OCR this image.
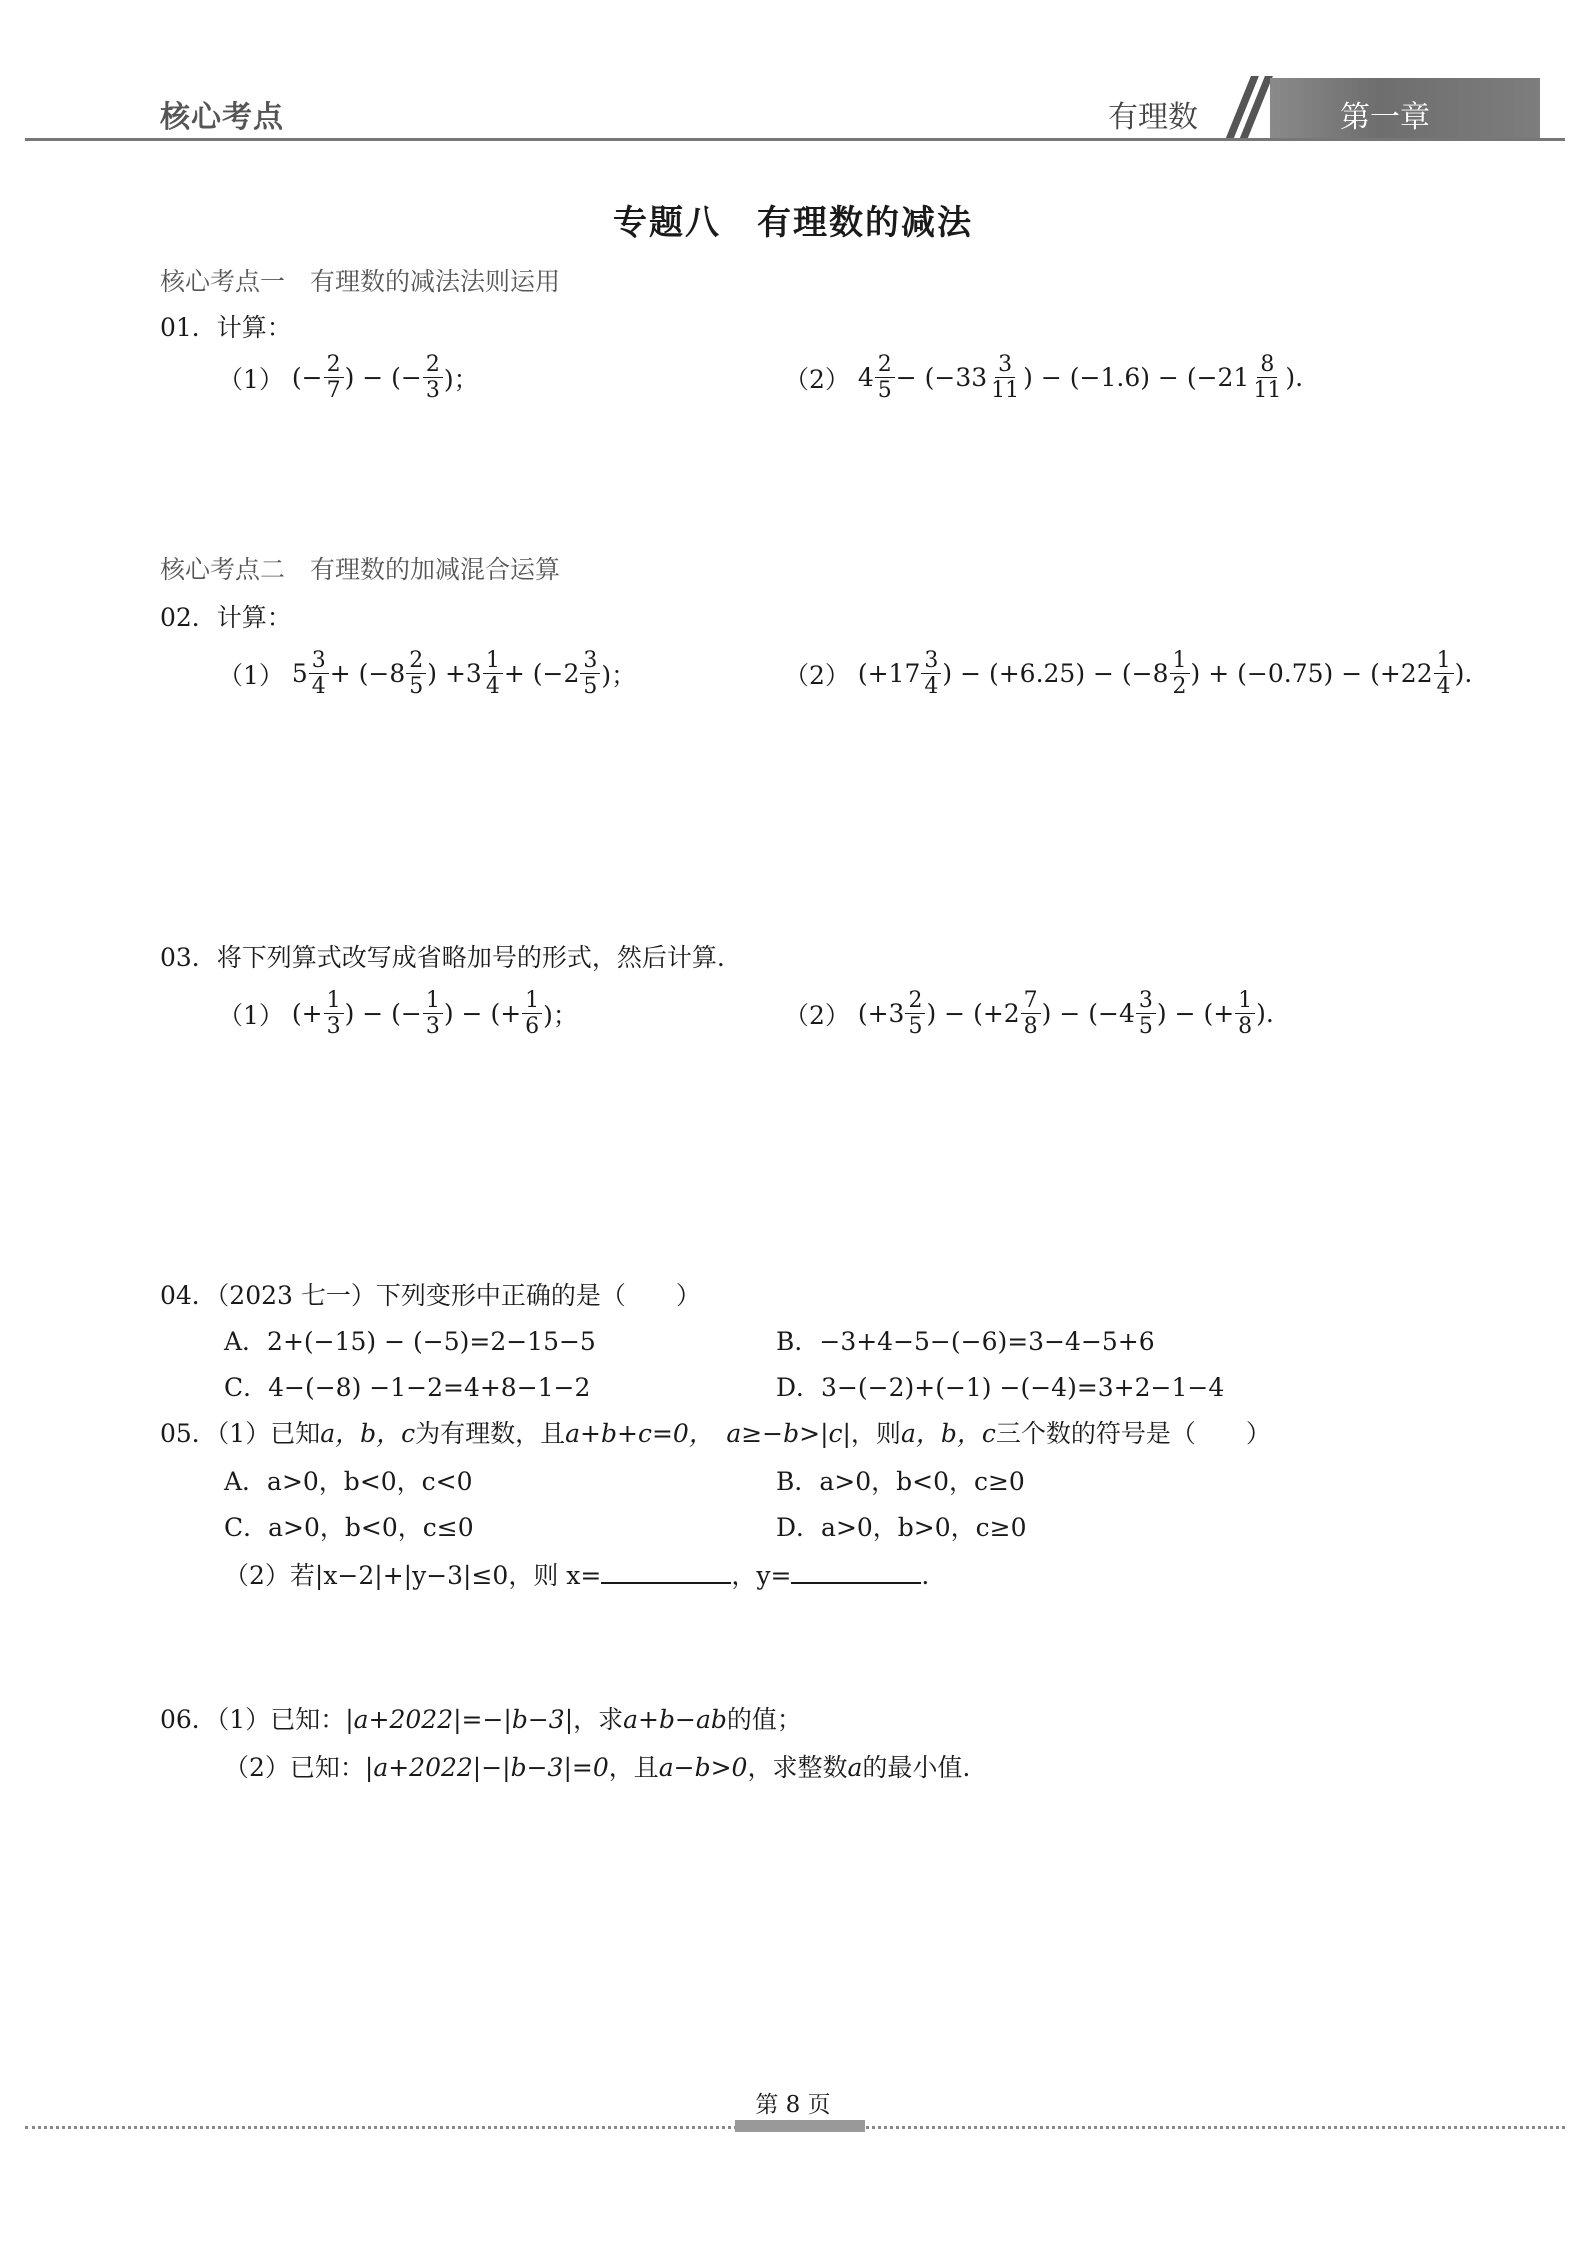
核心考点	有理数	第一章
专题八　有理数的减法
核心考点一　有理数的减法法则运用
01．计算：
（1）
(− $\frac{2}{7}$ ) − (− $\frac{2}{3}$ )；	（2）
4 2
5 − (−33 3
11 ) − (−1.6) − (−21 8
11 ).
核心考点二　有理数的加减混合运算
02．计算：
（1）
5 3
4 + (−8 2
5 ) +3 1
4 + (−2 3
5 )；	（2）
(+17 3
4 ) − (+6.25) − (−8 1
2 ) + (−0.75) − (+22 1
4 ).
03．将下列算式改写成省略加号的形式，然后计算.
（1）
(+ $\frac{1}{3}$ ) − (− $\frac{1}{3}$ ) − (+ $\frac{1}{6}$ )；	（2）
(+3 2
5 ) − (+2 7
8 ) − (−4 3
5 ) − (+ $\frac{1}{8}$ ).
04．（2023 七一）下列变形中正确的是（　　）
A．2+(−15) − (−5)=2−15−5	B．−3+4−5−(−6)=3−4−5+6
C．4−(−8) −1−2=4+8−1−2	D．3−(−2)+(−1) −(−4)=3+2−1−4
05．（1）已知a，b，c为有理数，且a+b+c=0，　a≥−b>|c|，则a，b，c三个数的符号是（　　）
A．a>0，b<0，c<0	B．a>0，b<0，c≥0
C．a>0，b<0，c≤0	D．a>0，b>0，c≥0
（2）若|x−2|+|y−3|≤0，则 x=	，y=	.
06．（1）已知：|a+2022|=−|b−3|，求a+b−ab的值；
（2）已知：|a+2022|−|b−3|=0，且a−b>0，求整数a的最小值.
第 8 页
